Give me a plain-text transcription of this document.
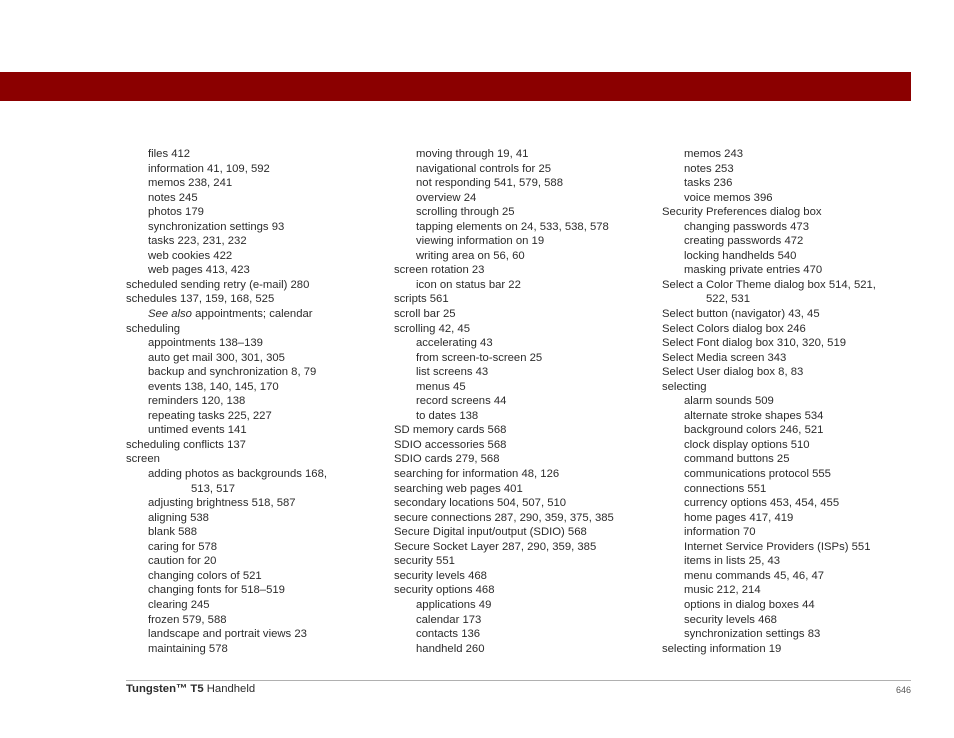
files 412
information 41, 109, 592
memos 238, 241
notes 245
photos 179
synchronization settings 93
tasks 223, 231, 232
web cookies 422
web pages 413, 423
scheduled sending retry (e-mail) 280
schedules 137, 159, 168, 525
See also appointments; calendar
scheduling
appointments 138–139
auto get mail 300, 301, 305
backup and synchronization 8, 79
events 138, 140, 145, 170
reminders 120, 138
repeating tasks 225, 227
untimed events 141
scheduling conflicts 137
screen
adding photos as backgrounds 168,
513, 517
adjusting brightness 518, 587
aligning 538
blank 588
caring for 578
caution for 20
changing colors of 521
changing fonts for 518–519
clearing 245
frozen 579, 588
landscape and portrait views 23
maintaining 578
moving through 19, 41
navigational controls for 25
not responding 541, 579, 588
overview 24
scrolling through 25
tapping elements on 24, 533, 538, 578
viewing information on 19
writing area on 56, 60
screen rotation 23
icon on status bar 22
scripts 561
scroll bar 25
scrolling 42, 45
accelerating 43
from screen-to-screen 25
list screens 43
menus 45
record screens 44
to dates 138
SD memory cards 568
SDIO accessories 568
SDIO cards 279, 568
searching for information 48, 126
searching web pages 401
secondary locations 504, 507, 510
secure connections 287, 290, 359, 375, 385
Secure Digital input/output (SDIO) 568
Secure Socket Layer 287, 290, 359, 385
security 551
security levels 468
security options 468
applications 49
calendar 173
contacts 136
handheld 260
memos 243
notes 253
tasks 236
voice memos 396
Security Preferences dialog box
changing passwords 473
creating passwords 472
locking handhelds 540
masking private entries 470
Select a Color Theme dialog box 514, 521,
522, 531
Select button (navigator) 43, 45
Select Colors dialog box 246
Select Font dialog box 310, 320, 519
Select Media screen 343
Select User dialog box 8, 83
selecting
alarm sounds 509
alternate stroke shapes 534
background colors 246, 521
clock display options 510
command buttons 25
communications protocol 555
connections 551
currency options 453, 454, 455
home pages 417, 419
information 70
Internet Service Providers (ISPs) 551
items in lists 25, 43
menu commands 45, 46, 47
music 212, 214
options in dialog boxes 44
security levels 468
synchronization settings 83
selecting information 19
Tungsten™ T5 Handheld	646
